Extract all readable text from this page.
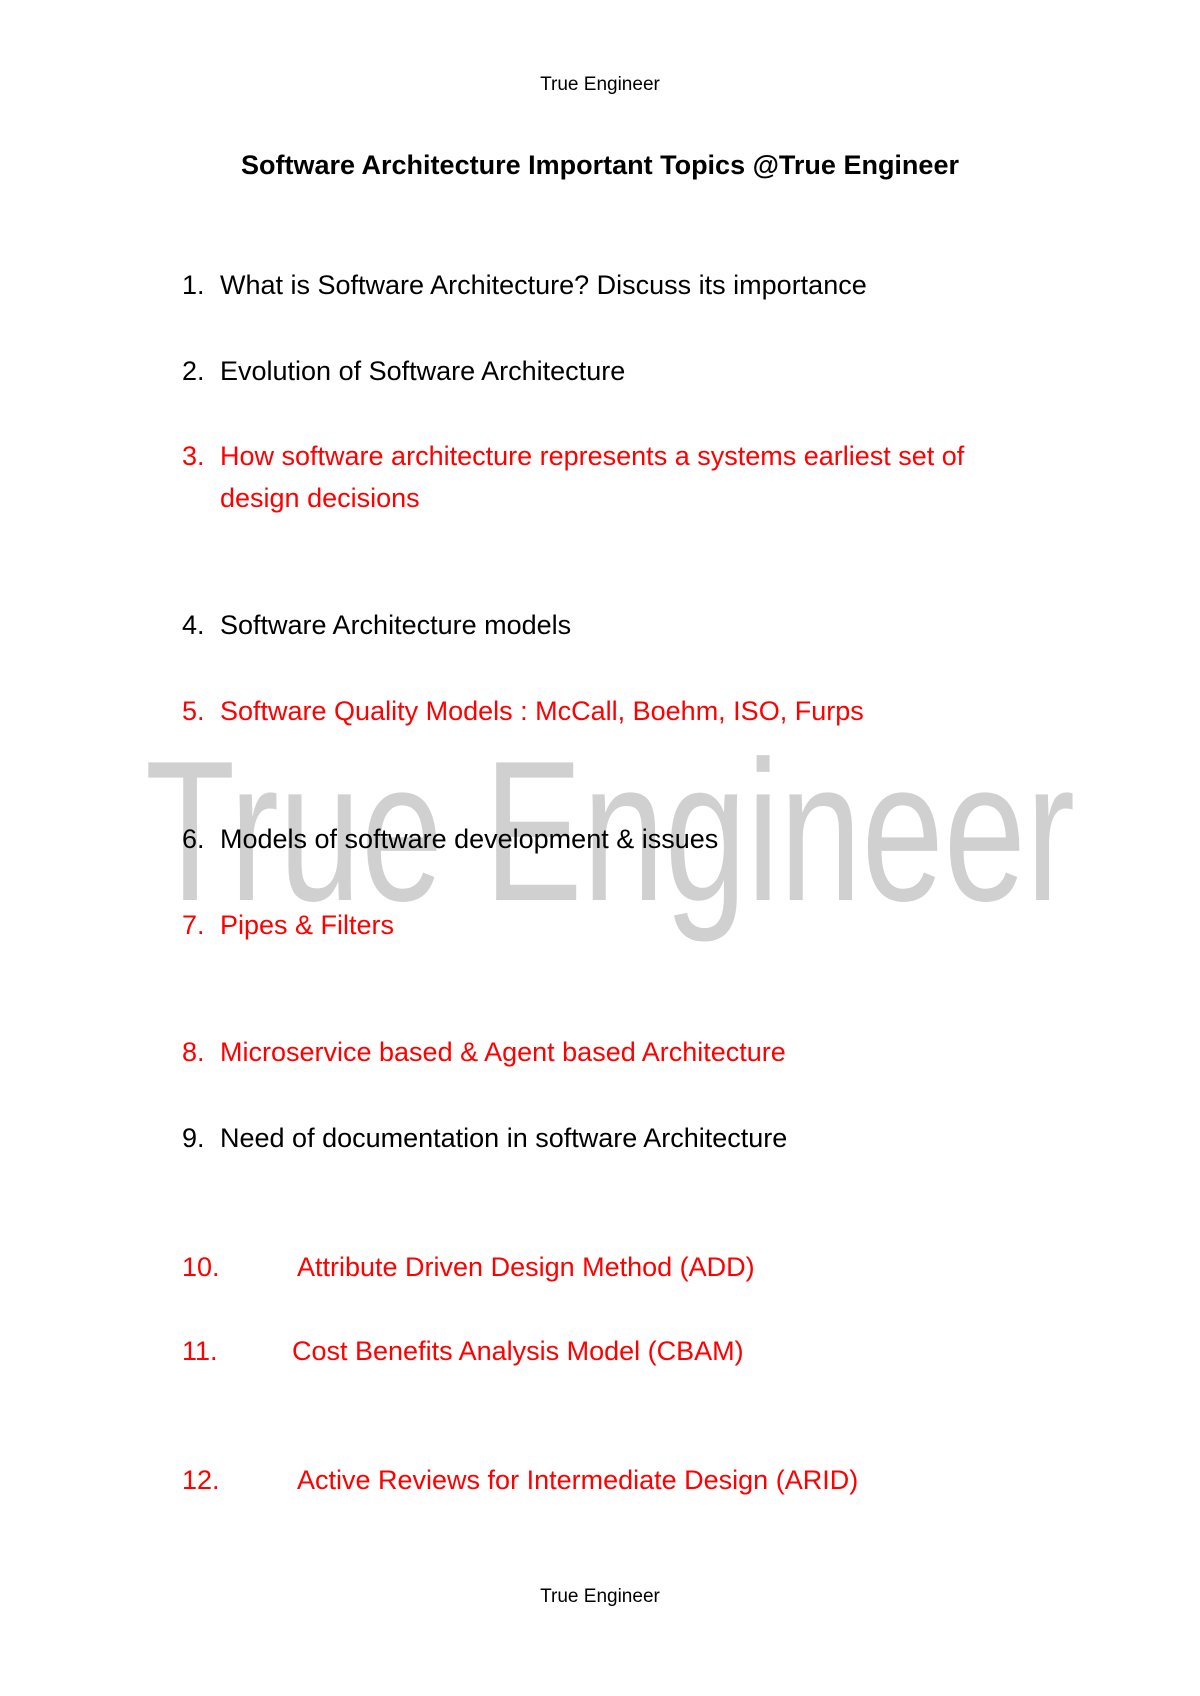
True Engineer
True Engineer
Software Architecture Important Topics @True Engineer
1. What is Software Architecture? Discuss its importance
2. Evolution of Software Architecture
3. How software architecture represents a systems earliest set of design decisions
4. Software Architecture models
5. Software Quality Models : McCall, Boehm, ISO, Furps
6. Models of software development & issues
7. Pipes & Filters
8. Microservice based & Agent based Architecture
9. Need of documentation in software Architecture
10.	Attribute Driven Design Method (ADD)
11.	Cost Benefits Analysis Model (CBAM)
12.	Active Reviews for Intermediate Design (ARID)
True Engineer
